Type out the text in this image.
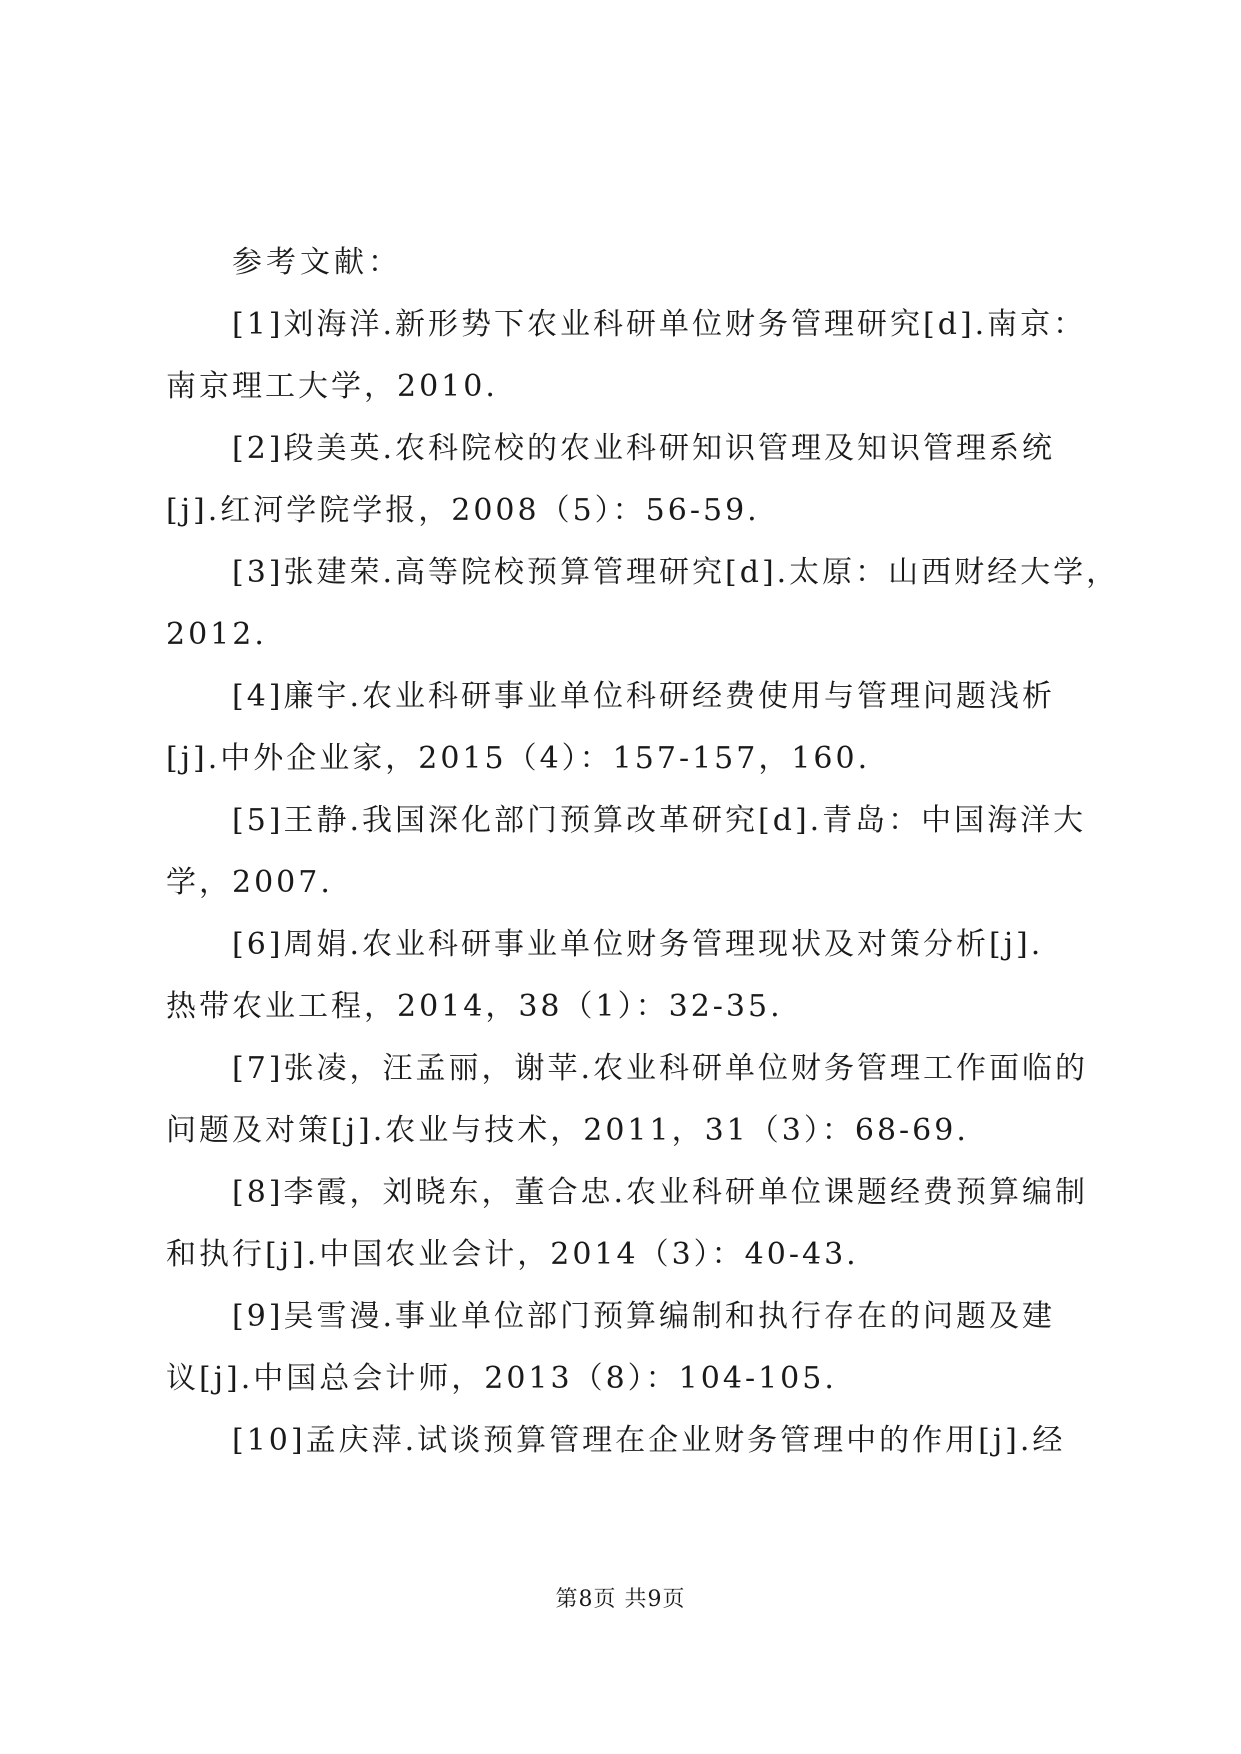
参考文献：
[1]刘海洋.新形势下农业科研单位财务管理研究[d].南京：
南京理工大学，2010.
[2]段美英.农科院校的农业科研知识管理及知识管理系统
[j].红河学院学报，2008（5）：56-59.
[3]张建荣.高等院校预算管理研究[d].太原：山西财经大学，
2012.
[4]廉宇.农业科研事业单位科研经费使用与管理问题浅析
[j].中外企业家，2015（4）：157-157，160.
[5]王静.我国深化部门预算改革研究[d].青岛：中国海洋大
学，2007.
[6]周娟.农业科研事业单位财务管理现状及对策分析[j].
热带农业工程，2014，38（1）：32-35.
[7]张凌，汪孟丽，谢苹.农业科研单位财务管理工作面临的
问题及对策[j].农业与技术，2011，31（3）：68-69.
[8]李霞，刘晓东，董合忠.农业科研单位课题经费预算编制
和执行[j].中国农业会计，2014（3）：40-43.
[9]吴雪漫.事业单位部门预算编制和执行存在的问题及建
议[j].中国总会计师，2013（8）：104-105.
[10]孟庆萍.试谈预算管理在企业财务管理中的作用[j].经
第8页 共9页
